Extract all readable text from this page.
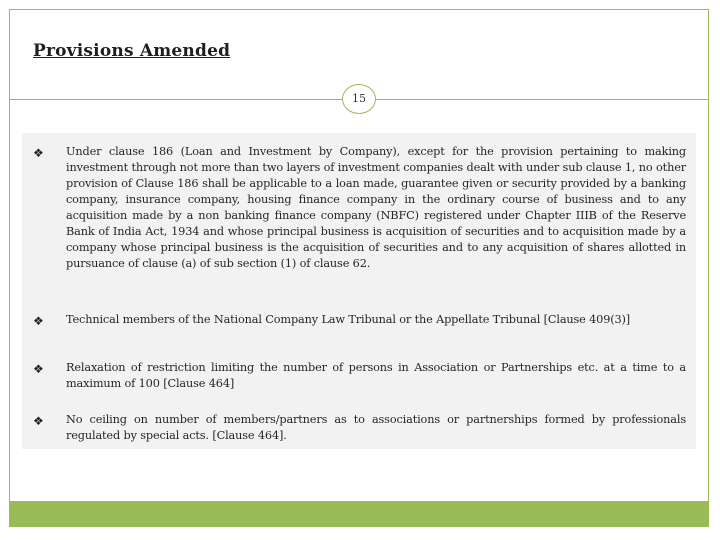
Provisions Amended
15
❖ Under clause 186 (Loan and Investment by Company), except for the provision pertaining to making investment through not more than two layers of investment companies dealt with under sub clause 1, no other provision of Clause 186 shall be applicable to a loan made, guarantee given or security provided by a banking company, insurance company, housing finance company in the ordinary course of business and to any acquisition made by a non banking finance company (NBFC) registered under Chapter IIIB of the Reserve Bank of India Act, 1934 and whose principal business is acquisition of securities and to acquisition made by a company whose principal business is the acquisition of securities and to any acquisition of shares allotted in pursuance of clause (a) of sub section (1) of clause 62.

❖ Technical members of the National Company Law Tribunal or the Appellate Tribunal [Clause 409(3)]

❖ Relaxation of restriction limiting the number of persons in Association or Partnerships etc. at a time to a maximum of 100 [Clause 464]

❖ No ceiling on number of members/partners as to associations or partnerships formed by professionals regulated by special acts. [Clause 464].
